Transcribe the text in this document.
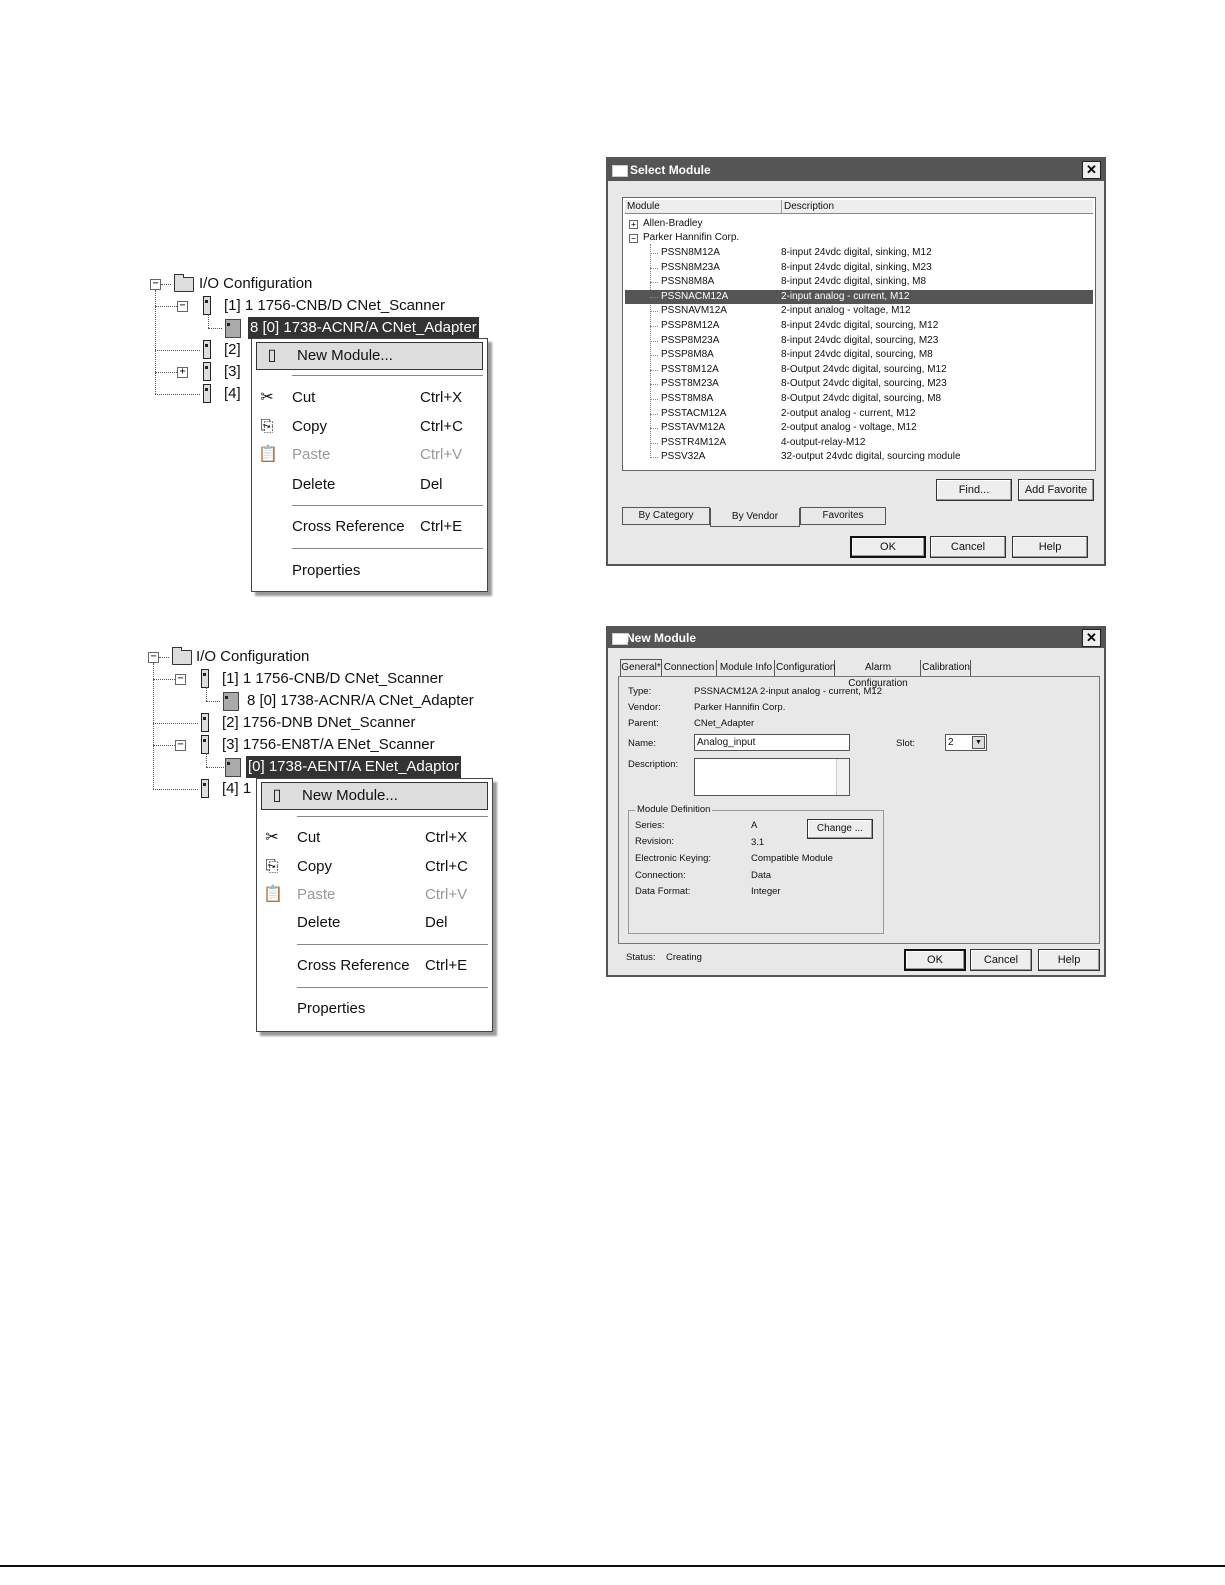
−	I/O Configuration
−	[1] 1 1756-CNB/D CNet_Scanner
8 [0] 1738-ACNR/A CNet_Adapter
[2]
+	[3]
[4]
▯	New Module...
✂ Cut	Ctrl+X
⎘ Copy	Ctrl+C
📋 Paste	Ctrl+V
Delete	Del
Cross Reference Ctrl+E
Properties
−	I/O Configuration
−	[1] 1 1756-CNB/D CNet_Scanner
8 [0] 1738-ACNR/A CNet_Adapter
[2] 1756-DNB DNet_Scanner
−	[3] 1756-EN8T/A ENet_Scanner
[0] 1738-AENT/A ENet_Adaptor
[4] 1 ▯	New Module...
✂ Cut	Ctrl+X
⎘ Copy	Ctrl+C
📋 Paste	Ctrl+V
Delete	Del
Cross Reference Ctrl+E
Properties
Select Module	✕
Module	Description
+ Allen-Bradley
− Parker Hannifin Corp.
PSSN8M12A	8-input 24vdc digital, sinking, M12
PSSN8M23A	8-input 24vdc digital, sinking, M23
PSSN8M8A	8-input 24vdc digital, sinking, M8
PSSNACM12A	2-input analog - current, M12
PSSNAVM12A	2-input analog - voltage, M12
PSSP8M12A	8-input 24vdc digital, sourcing, M12
PSSP8M23A	8-input 24vdc digital, sourcing, M23
PSSP8M8A	8-input 24vdc digital, sourcing, M8
PSST8M12A	8-Output 24vdc digital, sourcing, M12
PSST8M23A	8-Output 24vdc digital, sourcing, M23
PSST8M8A	8-Output 24vdc digital, sourcing, M8
PSSTACM12A	2-output analog - current, M12
PSSTAVM12A	2-output analog - voltage, M12
PSSTR4M12A	4-output-relay-M12
PSSV32A	32-output 24vdc digital, sourcing module
Find...	Add Favorite
By Category	By Vendor	Favorites
OK	Cancel	Help
New Module	✕
General* Connection Module Info Configuration	Alarm Configuration
Calibration
Type:	PSSNACM12A 2-input analog - current, M12
Vendor:	Parker Hannifin Corp.
Parent:	CNet_Adapter
Name:	Analog_input	Slot:	2	▼
Description:
Module Definition
Series:	A
Revision:	3.1
Electronic Keying:	Compatible Module
Connection:	Data
Data Format:	Integer
Change ...
Status: Creating	OK	Cancel	Help
